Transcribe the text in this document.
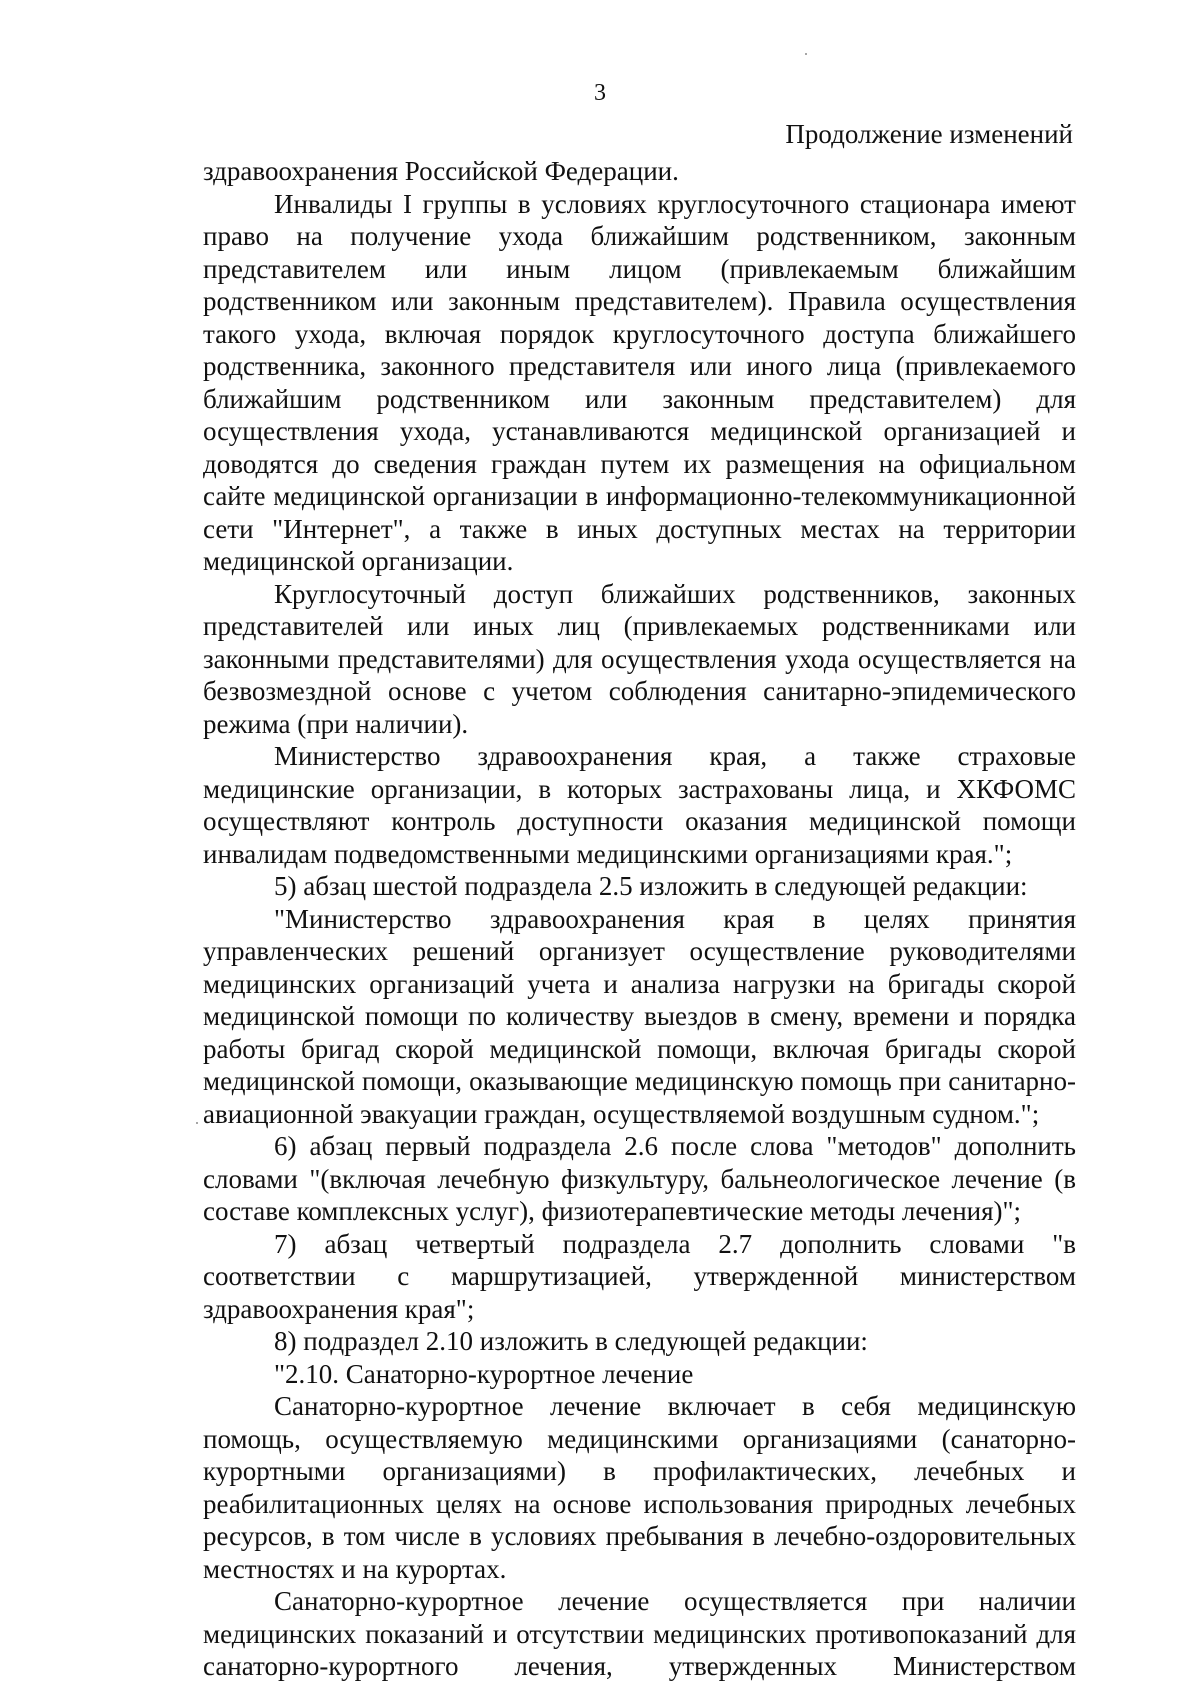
3
Продолжение изменений

здравоохранения Российской Федерации.

Инвалиды I группы в условиях круглосуточного стационара имеют право на получение ухода ближайшим родственником, законным представителем или иным лицом (привлекаемым ближайшим родственником или законным представителем). Правила осуществления такого ухода, включая порядок круглосуточного доступа ближайшего родственника, законного представителя или иного лица (привлекаемого ближайшим родственником или законным представителем) для осуществления ухода, устанавливаются медицинской организацией и доводятся до сведения граждан путем их размещения на официальном сайте медицинской организации в информационно-телекоммуникационной сети "Интернет", а также в иных доступных местах на территории медицинской организации.

Круглосуточный доступ ближайших родственников, законных представителей или иных лиц (привлекаемых родственниками или законными представителями) для осуществления ухода осуществляется на безвозмездной основе с учетом соблюдения санитарно-эпидемического режима (при наличии).

Министерство здравоохранения края, а также страховые медицинские организации, в которых застрахованы лица, и ХКФОМС осуществляют контроль доступности оказания медицинской помощи инвалидам подведомственными медицинскими организациями края.";

5) абзац шестой подраздела 2.5 изложить в следующей редакции:

"Министерство здравоохранения края в целях принятия управленческих решений организует осуществление руководителями медицинских организаций учета и анализа нагрузки на бригады скорой медицинской помощи по количеству выездов в смену, времени и порядка работы бригад скорой медицинской помощи, включая бригады скорой медицинской помощи, оказывающие медицинскую помощь при санитарно-авиационной эвакуации граждан, осуществляемой воздушным судном.";

6) абзац первый подраздела 2.6 после слова "методов" дополнить словами "(включая лечебную физкультуру, бальнеологическое лечение (в составе комплексных услуг), физиотерапевтические методы лечения)";

7) абзац четвертый подраздела 2.7 дополнить словами "в соответствии с маршрутизацией, утвержденной министерством здравоохранения края";

8) подраздел 2.10 изложить в следующей редакции:

"2.10. Санаторно-курортное лечение

Санаторно-курортное лечение включает в себя медицинскую помощь, осуществляемую медицинскими организациями (санаторно-курортными организациями) в профилактических, лечебных и реабилитационных целях на основе использования природных лечебных ресурсов, в том числе в условиях пребывания в лечебно-оздоровительных местностях и на курортах.

Санаторно-курортное лечение осуществляется при наличии медицинских показаний и отсутствии медицинских противопоказаний для санаторно-курортного лечения, утвержденных Министерством
